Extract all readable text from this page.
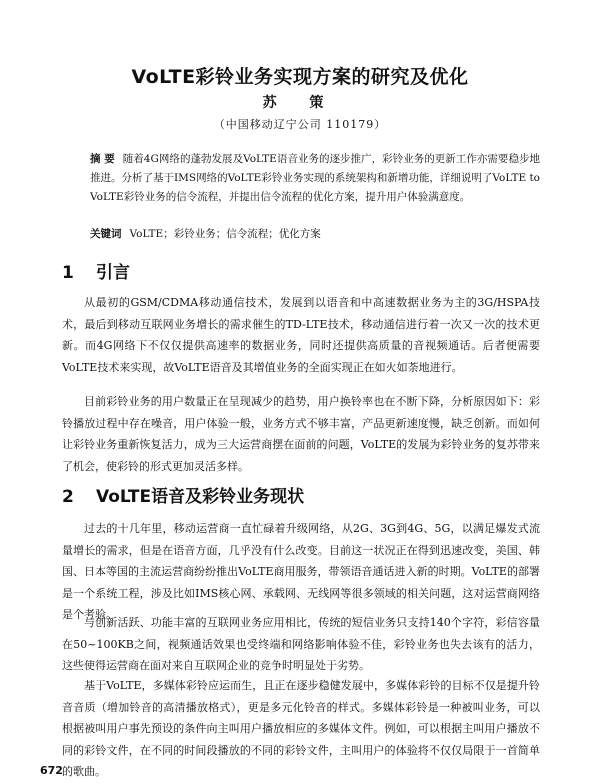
VoLTE彩铃业务实现方案的研究及优化
苏 策
（中国移动辽宁公司 110179）
摘 要 随着4G网络的蓬勃发展及VoLTE语音业务的逐步推广，彩铃业务的更新工作亦需要稳步地推进。分析了基于IMS网络的VoLTE彩铃业务实现的系统架构和新增功能，详细说明了VoLTE to VoLTE彩铃业务的信令流程，并提出信令流程的优化方案，提升用户体验满意度。
关键词 VoLTE；彩铃业务；信令流程；优化方案
1 引言
从最初的GSM/CDMA移动通信技术，发展到以语音和中高速数据业务为主的3G/HSPA技术，最后到移动互联网业务增长的需求催生的TD-LTE技术，移动通信进行着一次又一次的技术更新。而4G网络下不仅仅提供高速率的数据业务，同时还提供高质量的音视频通话。后者便需要VoLTE技术来实现，故VoLTE语音及其增值业务的全面实现正在如火如荼地进行。
目前彩铃业务的用户数量正在呈现减少的趋势，用户换铃率也在不断下降，分析原因如下：彩铃播放过程中存在噪音，用户体验一般，业务方式不够丰富，产品更新速度慢，缺乏创新。而如何让彩铃业务重新恢复活力，成为三大运营商摆在面前的问题，VoLTE的发展为彩铃业务的复苏带来了机会，使彩铃的形式更加灵活多样。
2 VoLTE语音及彩铃业务现状
过去的十几年里，移动运营商一直忙碌着升级网络，从2G、3G到4G、5G，以满足爆发式流量增长的需求，但是在语音方面，几乎没有什么改变。目前这一状况正在得到迅速改变，美国、韩国、日本等国的主流运营商纷纷推出VoLTE商用服务，带领语音通话进入新的时期。VoLTE的部署是一个系统工程，涉及比如IMS核心网、承载网、无线网等很多领域的相关问题，这对运营商网络是个考验。
与创新活跃、功能丰富的互联网业务应用相比，传统的短信业务只支持140个字符，彩信容量在50~100KB之间，视频通话效果也受终端和网络影响体验不佳，彩铃业务也失去该有的活力，这些使得运营商在面对来自互联网企业的竞争时明显处于劣势。
基于VoLTE，多媒体彩铃应运而生，且正在逐步稳健发展中，多媒体彩铃的目标不仅是提升铃音音质（增加铃音的高清播放格式），更是多元化铃音的样式。多媒体彩铃是一种被叫业务，可以根据被叫用户事先预设的条件向主叫用户播放相应的多媒体文件。例如，可以根据主叫用户播放不同的彩铃文件，在不同的时间段播放的不同的彩铃文件，主叫用户的体验将不仅仅局限于一首简单的歌曲。
672
